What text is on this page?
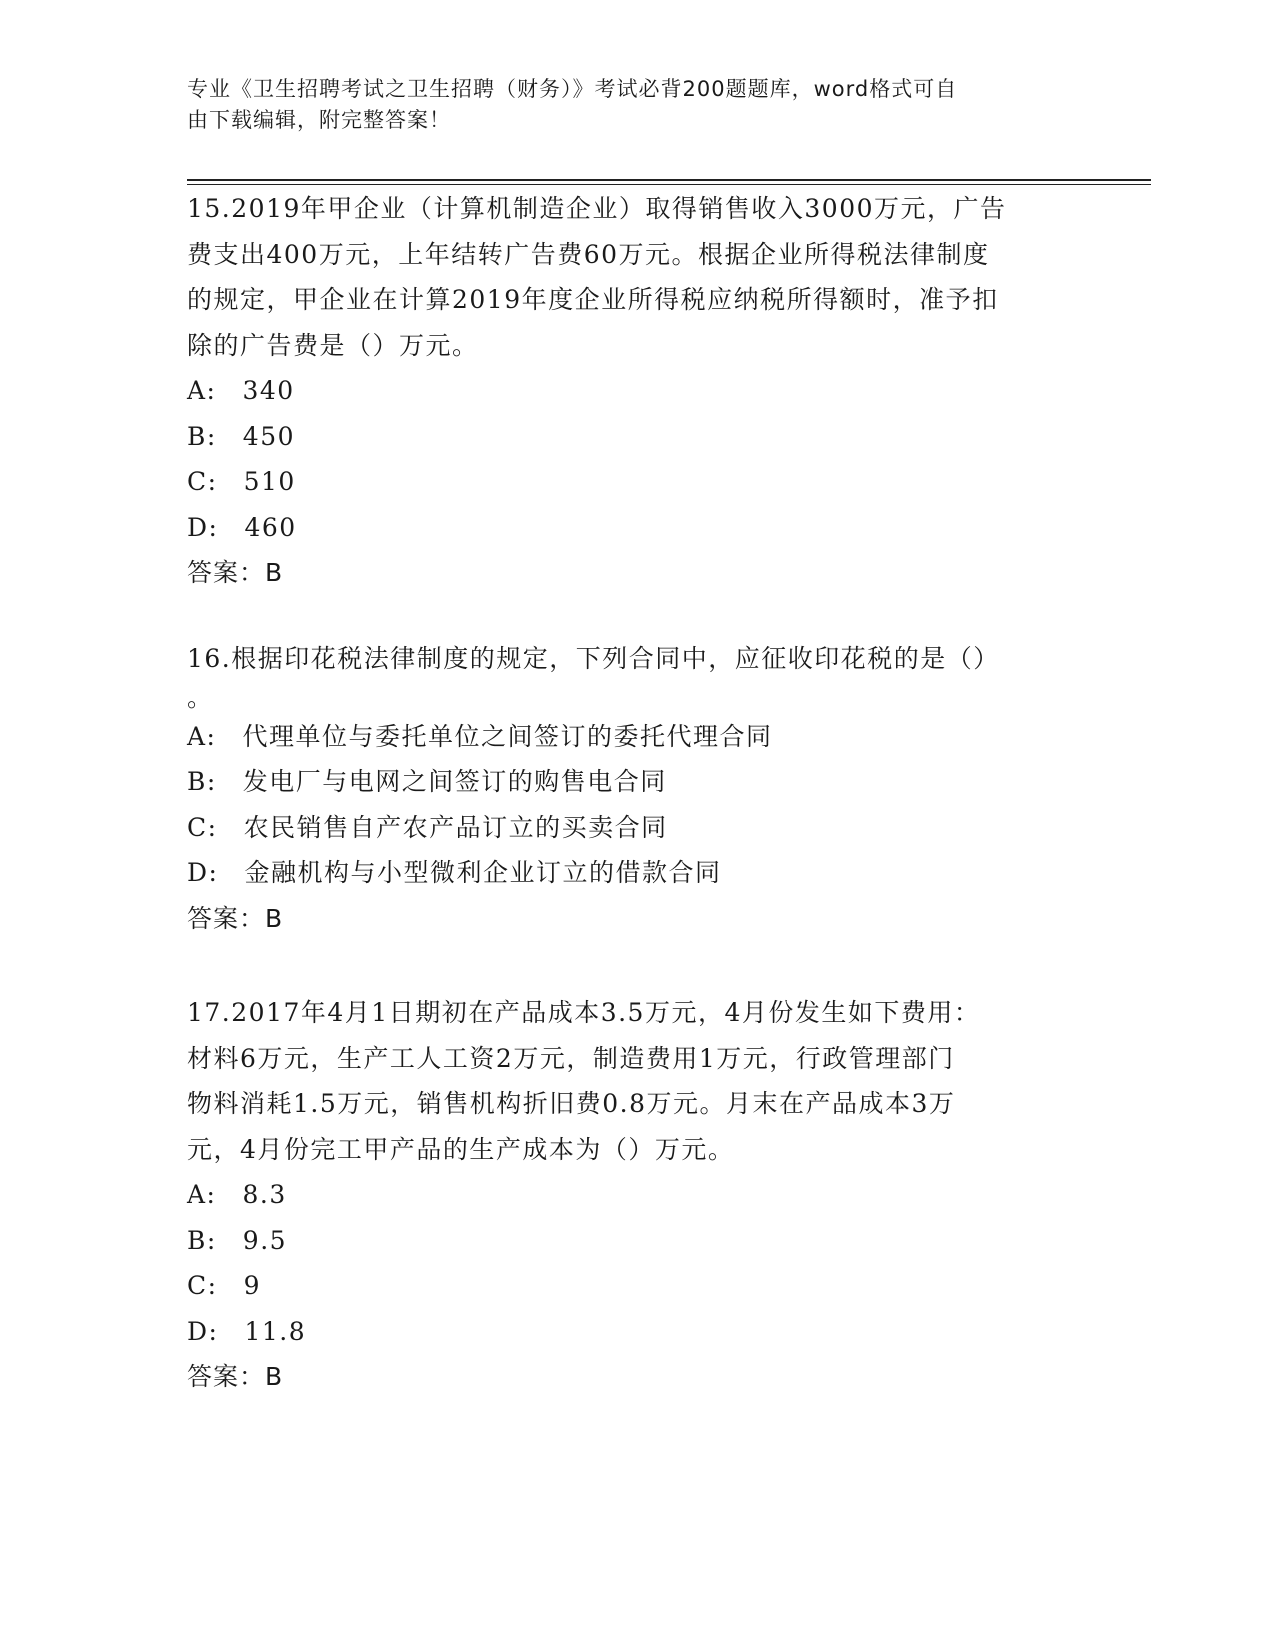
专业《卫生招聘考试之卫生招聘（财务）》考试必背200题题库，word格式可自
由下载编辑，附完整答案！
15.2019年甲企业（计算机制造企业）取得销售收入3000万元，广告
费支出400万元，上年结转广告费60万元。根据企业所得税法律制度
的规定，甲企业在计算2019年度企业所得税应纳税所得额时，准予扣
除的广告费是（）万元。
A: 340
B: 450
C: 510
D: 460
答案：B
16.根据印花税法律制度的规定，下列合同中，应征收印花税的是（）
。
A: 代理单位与委托单位之间签订的委托代理合同
B: 发电厂与电网之间签订的购售电合同
C: 农民销售自产农产品订立的买卖合同
D: 金融机构与小型微利企业订立的借款合同
答案：B
17.2017年4月1日期初在产品成本3.5万元，4月份发生如下费用：
材料6万元，生产工人工资2万元，制造费用1万元，行政管理部门
物料消耗1.5万元，销售机构折旧费0.8万元。月末在产品成本3万
元，4月份完工甲产品的生产成本为（）万元。
A: 8.3
B: 9.5
C: 9
D: 11.8
答案：B
